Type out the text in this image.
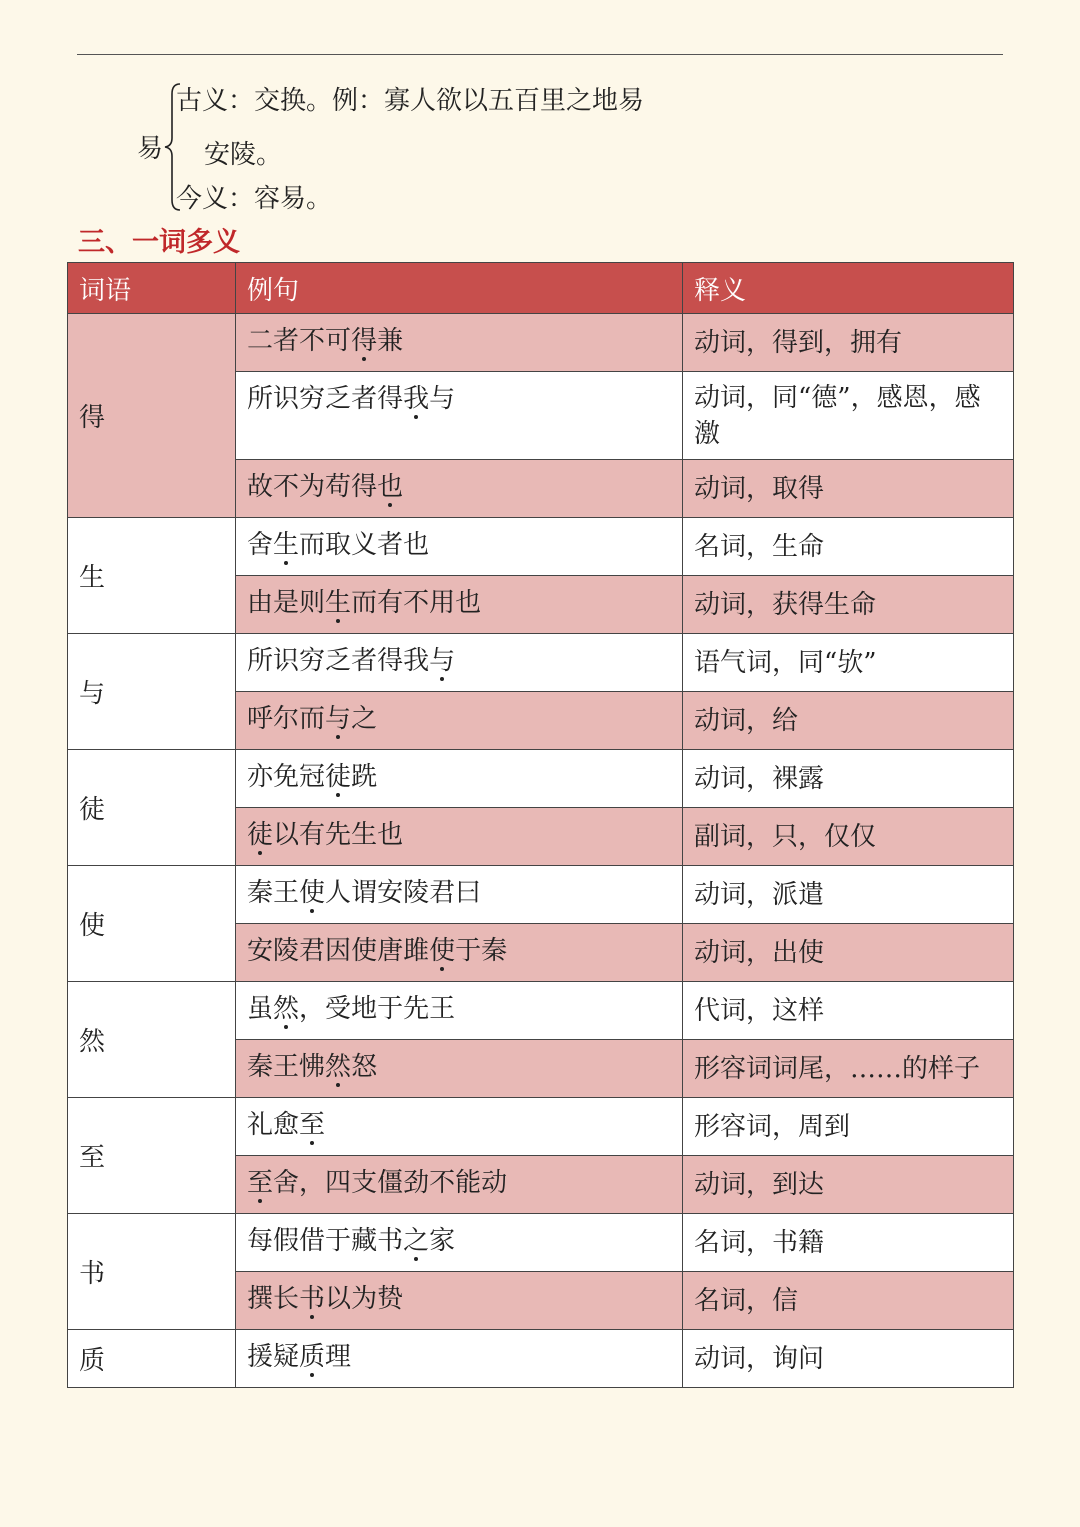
易
古义：交换。例：寡人欲以五百里之地易
安陵。
今义：容易。
三、一词多义
词语	例句	释义
得	二者不可得兼	动词，得到，拥有
	所识穷乏者得我与	动词，同“德”，感恩，感激
	故不为苟得也	动词，取得
生	舍生而取义者也	名词，生命
	由是则生而有不用也	动词，获得生命
与	所识穷乏者得我与	语气词，同“欤”
	呼尔而与之	动词，给
徒	亦免冠徒跣	动词，裸露
	徒以有先生也	副词，只，仅仅
使	秦王使人谓安陵君曰	动词，派遣
	安陵君因使唐雎使于秦	动词，出使
然	虽然，受地于先王	代词，这样
	秦王怫然怒	形容词词尾，……的样子
至	礼愈至	形容词，周到
	至舍，四支僵劲不能动	动词，到达
书	每假借于藏书之家	名词，书籍
	撰长书以为贽	名词，信
质	援疑质理	动词，询问
